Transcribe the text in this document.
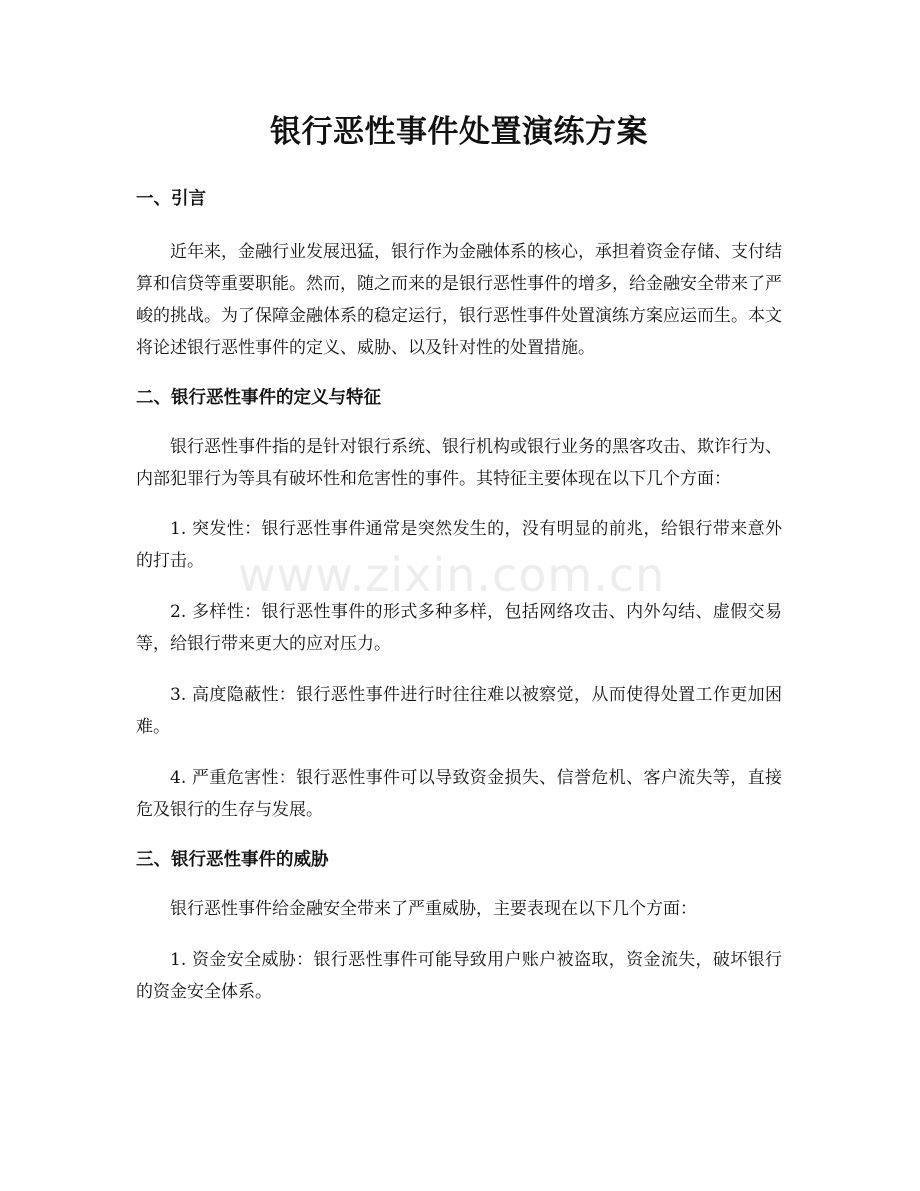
银行恶性事件处置演练方案
一、引言

近年来，金融行业发展迅猛，银行作为金融体系的核心，承担着资金存储、支付结算和信贷等重要职能。然而，随之而来的是银行恶性事件的增多，给金融安全带来了严峻的挑战。为了保障金融体系的稳定运行，银行恶性事件处置演练方案应运而生。本文将论述银行恶性事件的定义、威胁、以及针对性的处置措施。

二、银行恶性事件的定义与特征

银行恶性事件指的是针对银行系统、银行机构或银行业务的黑客攻击、欺诈行为、内部犯罪行为等具有破坏性和危害性的事件。其特征主要体现在以下几个方面：

1. 突发性：银行恶性事件通常是突然发生的，没有明显的前兆，给银行带来意外的打击。

2. 多样性：银行恶性事件的形式多种多样，包括网络攻击、内外勾结、虚假交易等，给银行带来更大的应对压力。

3. 高度隐蔽性：银行恶性事件进行时往往难以被察觉，从而使得处置工作更加困难。

4. 严重危害性：银行恶性事件可以导致资金损失、信誉危机、客户流失等，直接危及银行的生存与发展。

三、银行恶性事件的威胁

银行恶性事件给金融安全带来了严重威胁，主要表现在以下几个方面：

1. 资金安全威胁：银行恶性事件可能导致用户账户被盗取，资金流失，破坏银行的资金安全体系。

www.zixin.com.cn
